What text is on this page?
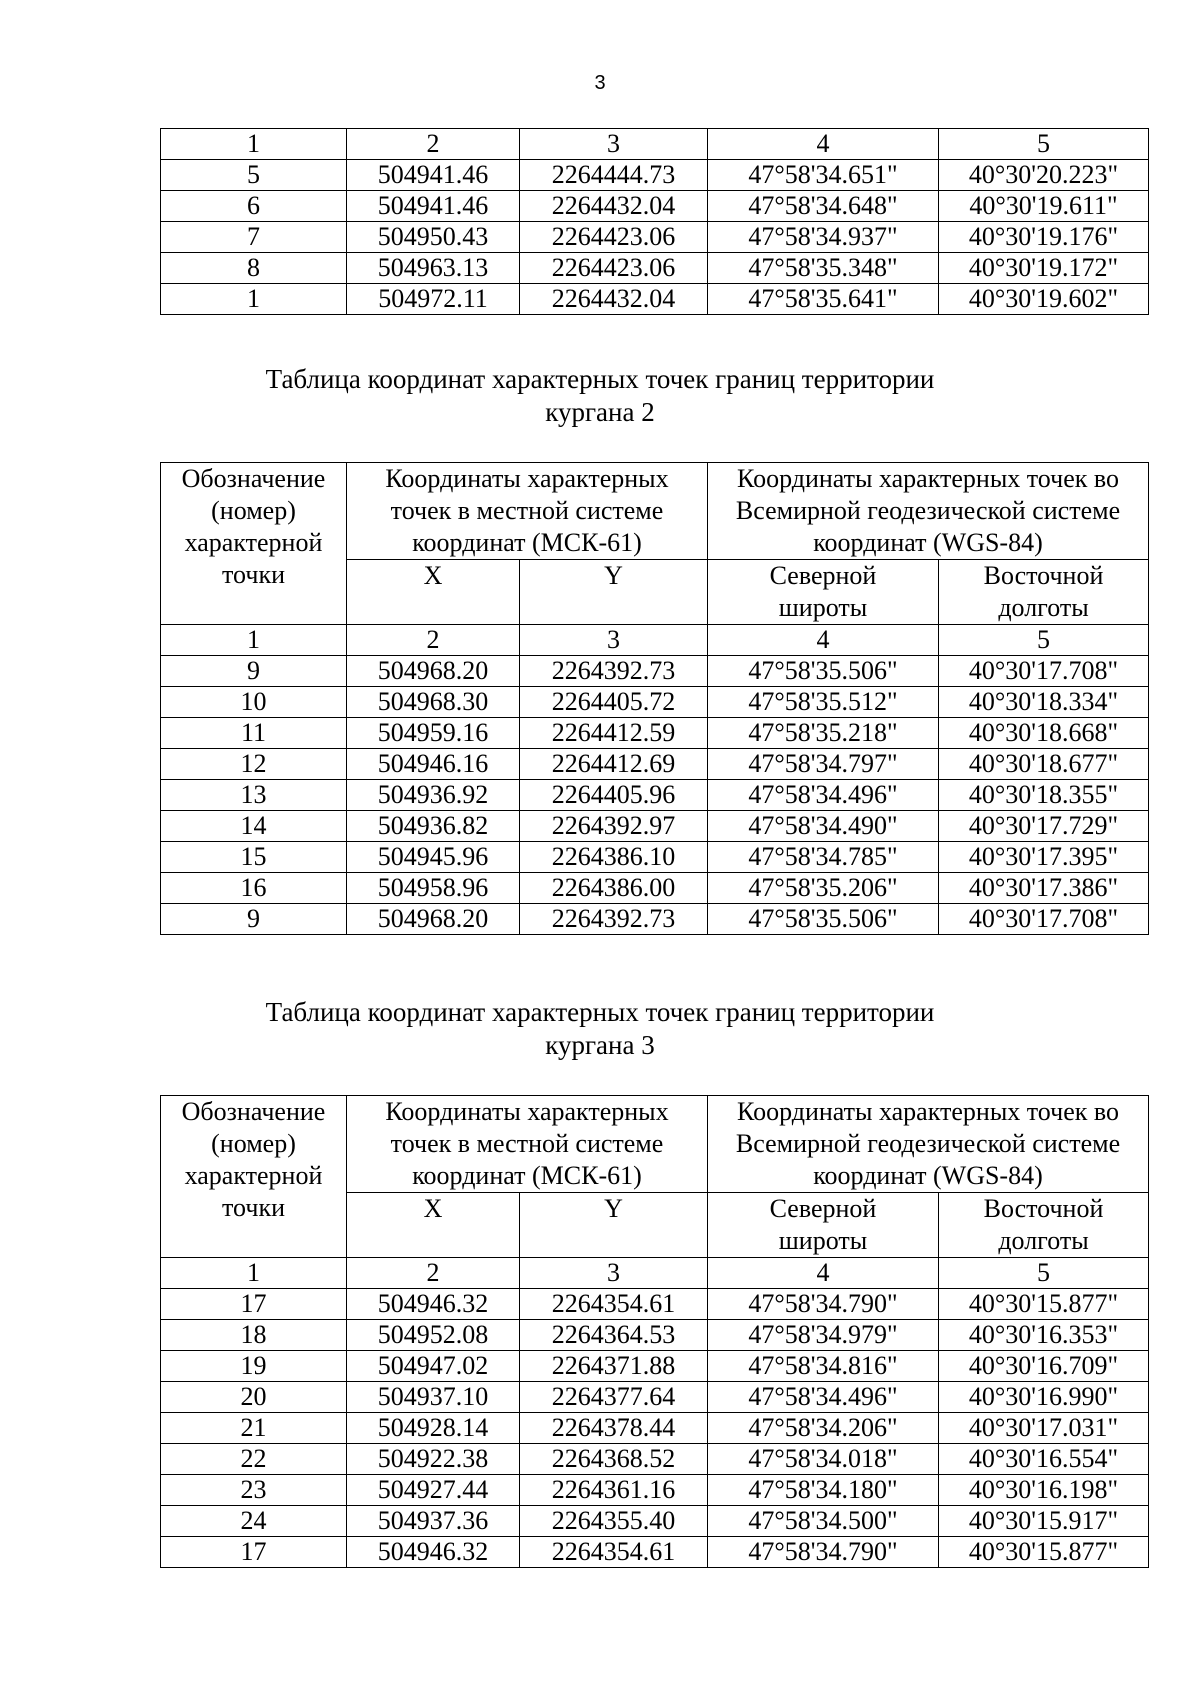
3
1	2	3	4	5
5	504941.46	2264444.73	47°58'34.651"	40°30'20.223"
6	504941.46	2264432.04	47°58'34.648"	40°30'19.611"
7	504950.43	2264423.06	47°58'34.937"	40°30'19.176"
8	504963.13	2264423.06	47°58'35.348"	40°30'19.172"
1	504972.11	2264432.04	47°58'35.641"	40°30'19.602"
Таблица координат характерных точек границ территории
кургана 2
Обозначение (номер) характерной точки	Координаты характерных точек в местной системе координат (МСК-61)		Координаты характерных точек во Всемирной геодезической системе координат (WGS-84)	
	X	Y	Северной широты	Восточной долготы
1	2	3	4	5
9	504968.20	2264392.73	47°58'35.506"	40°30'17.708"
10	504968.30	2264405.72	47°58'35.512"	40°30'18.334"
11	504959.16	2264412.59	47°58'35.218"	40°30'18.668"
12	504946.16	2264412.69	47°58'34.797"	40°30'18.677"
13	504936.92	2264405.96	47°58'34.496"	40°30'18.355"
14	504936.82	2264392.97	47°58'34.490"	40°30'17.729"
15	504945.96	2264386.10	47°58'34.785"	40°30'17.395"
16	504958.96	2264386.00	47°58'35.206"	40°30'17.386"
9	504968.20	2264392.73	47°58'35.506"	40°30'17.708"
Таблица координат характерных точек границ территории
кургана 3
Обозначение (номер) характерной точки	Координаты характерных точек в местной системе координат (МСК-61)		Координаты характерных точек во Всемирной геодезической системе координат (WGS-84)	
	X	Y	Северной широты	Восточной долготы
1	2	3	4	5
17	504946.32	2264354.61	47°58'34.790"	40°30'15.877"
18	504952.08	2264364.53	47°58'34.979"	40°30'16.353"
19	504947.02	2264371.88	47°58'34.816"	40°30'16.709"
20	504937.10	2264377.64	47°58'34.496"	40°30'16.990"
21	504928.14	2264378.44	47°58'34.206"	40°30'17.031"
22	504922.38	2264368.52	47°58'34.018"	40°30'16.554"
23	504927.44	2264361.16	47°58'34.180"	40°30'16.198"
24	504937.36	2264355.40	47°58'34.500"	40°30'15.917"
17	504946.32	2264354.61	47°58'34.790"	40°30'15.877"
